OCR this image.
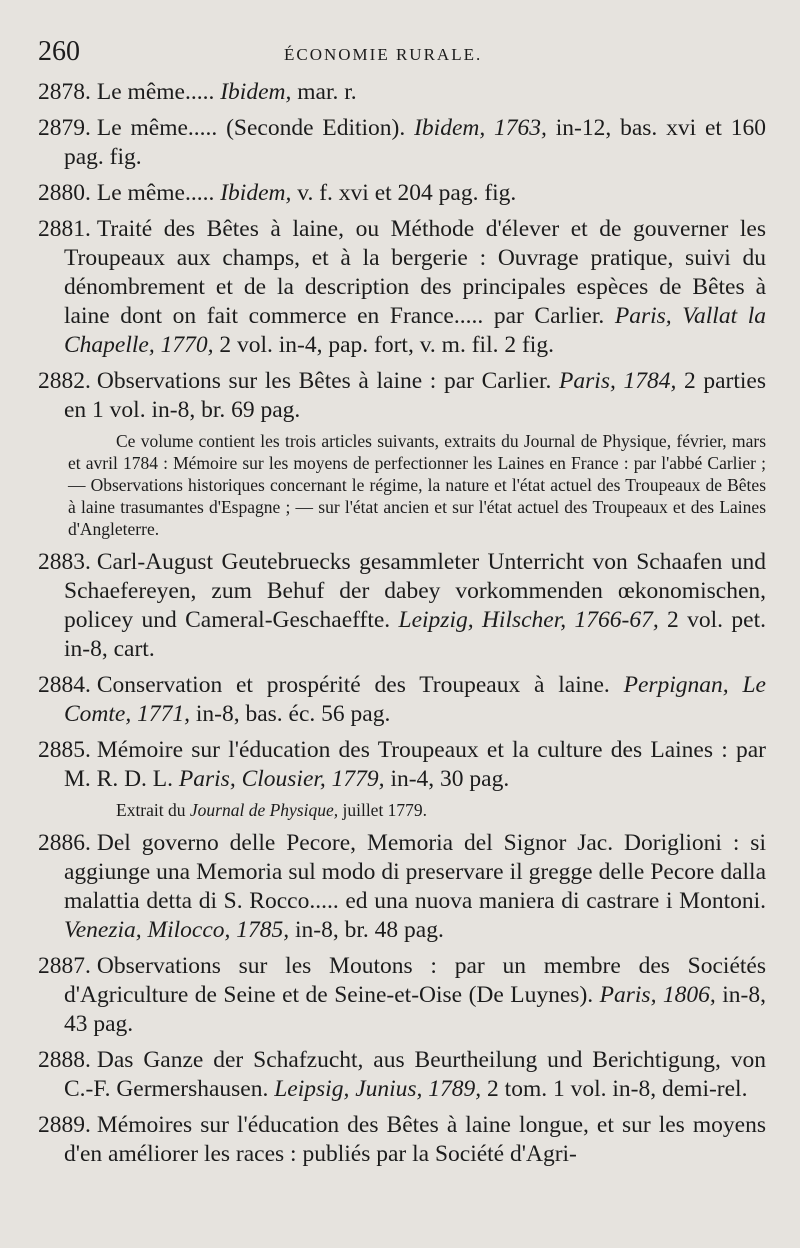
260	ÉCONOMIE RURALE.
2878. Le même..... Ibidem, mar. r.
2879. Le même..... (Seconde Edition). Ibidem, 1763, in-12, bas. xvi et 160 pag. fig.
2880. Le même..... Ibidem, v. f. xvi et 204 pag. fig.
2881. Traité des Bêtes à laine, ou Méthode d'élever et de gouverner les Troupeaux aux champs, et à la bergerie : Ouvrage pratique, suivi du dénombrement et de la description des principales espèces de Bêtes à laine dont on fait commerce en France..... par Carlier. Paris, Vallat la Chapelle, 1770, 2 vol. in-4, pap. fort, v. m. fil. 2 fig.
2882. Observations sur les Bêtes à laine : par Carlier. Paris, 1784, 2 parties en 1 vol. in-8, br. 69 pag.
Ce volume contient les trois articles suivants, extraits du Journal de Physique, février, mars et avril 1784 : Mémoire sur les moyens de perfectionner les Laines en France : par l'abbé Carlier ; — Observations historiques concernant le régime, la nature et l'état actuel des Troupeaux de Bêtes à laine trasumantes d'Espagne ; — sur l'état ancien et sur l'état actuel des Troupeaux et des Laines d'Angleterre.
2883. Carl-August Geutebruecks gesammleter Unterricht von Schaafen und Schaefereyen, zum Behuf der dabey vorkommenden œkonomischen, policey und Cameral-Geschaeffte. Leipzig, Hilscher, 1766-67, 2 vol. pet. in-8, cart.
2884. Conservation et prospérité des Troupeaux à laine. Perpignan, Le Comte, 1771, in-8, bas. éc. 56 pag.
2885. Mémoire sur l'éducation des Troupeaux et la culture des Laines : par M. R. D. L. Paris, Clousier, 1779, in-4, 30 pag.
Extrait du Journal de Physique, juillet 1779.
2886. Del governo delle Pecore, Memoria del Signor Jac. Doriglioni : si aggiunge una Memoria sul modo di preservare il gregge delle Pecore dalla malattia detta di S. Rocco..... ed una nuova maniera di castrare i Montoni. Venezia, Milocco, 1785, in-8, br. 48 pag.
2887. Observations sur les Moutons : par un membre des Sociétés d'Agriculture de Seine et de Seine-et-Oise (De Luynes). Paris, 1806, in-8, 43 pag.
2888. Das Ganze der Schafzucht, aus Beurtheilung und Berichtigung, von C.-F. Germershausen. Leipsig, Junius, 1789, 2 tom. 1 vol. in-8, demi-rel.
2889. Mémoires sur l'éducation des Bêtes à laine longue, et sur les moyens d'en améliorer les races : publiés par la Société d'Agri-
